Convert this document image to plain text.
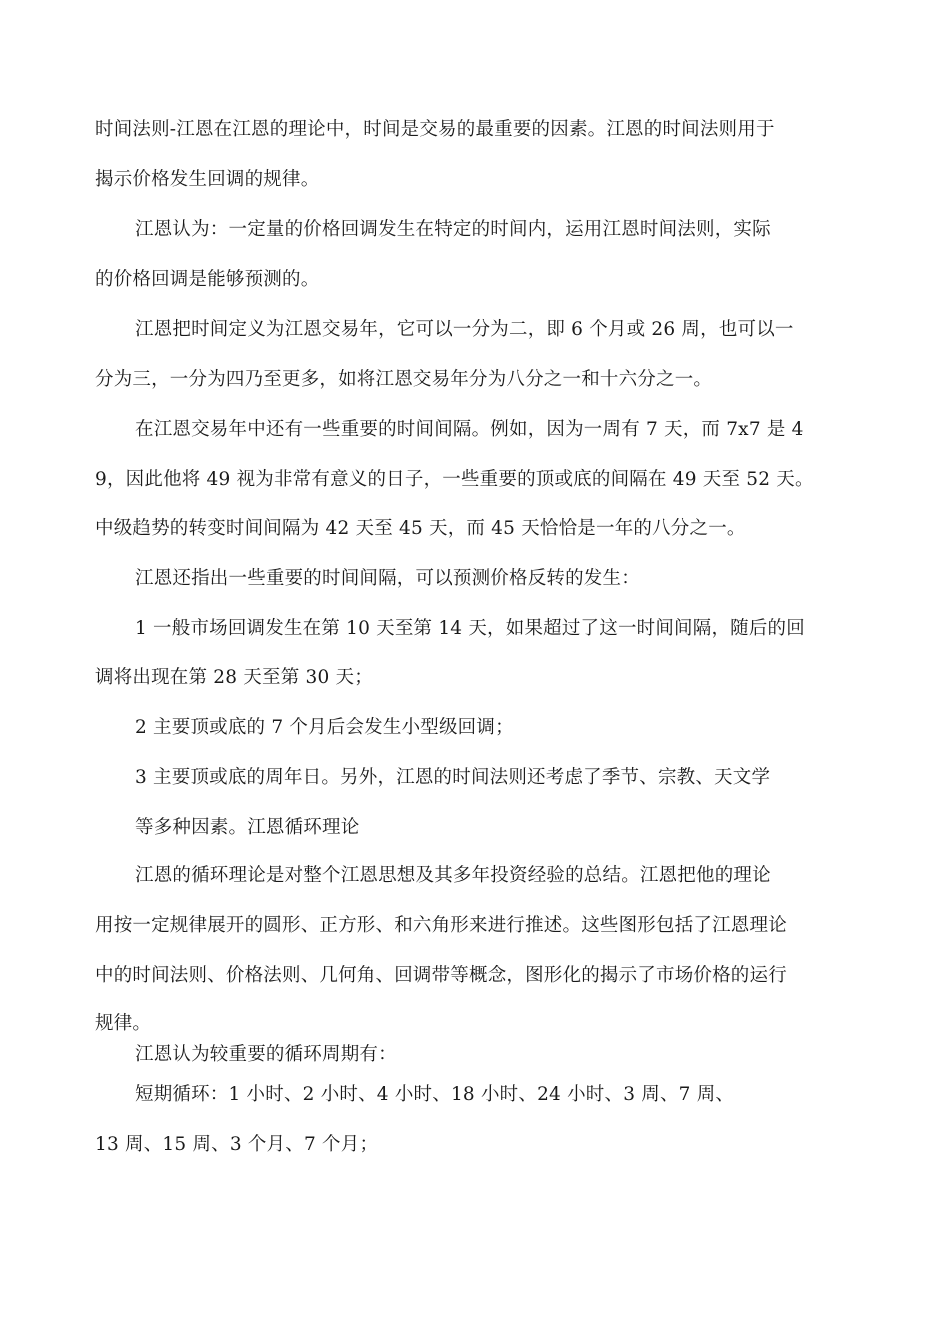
时间法则-江恩在江恩的理论中，时间是交易的最重要的因素。江恩的时间法则用于
揭示价格发生回调的规律。
江恩认为：一定量的价格回调发生在特定的时间内，运用江恩时间法则，实际
的价格回调是能够预测的。
江恩把时间定义为江恩交易年，它可以一分为二，即 6 个月或 26 周，也可以一
分为三，一分为四乃至更多，如将江恩交易年分为八分之一和十六分之一。
在江恩交易年中还有一些重要的时间间隔。例如，因为一周有 7 天，而 7x7 是 4
9，因此他将 49 视为非常有意义的日子，一些重要的顶或底的间隔在 49 天至 52 天。
中级趋势的转变时间间隔为 42 天至 45 天，而 45 天恰恰是一年的八分之一。
江恩还指出一些重要的时间间隔，可以预测价格反转的发生：
1 一般市场回调发生在第 10 天至第 14 天，如果超过了这一时间间隔，随后的回
调将出现在第 28 天至第 30 天；
2 主要顶或底的 7 个月后会发生小型级回调；
3 主要顶或底的周年日。另外，江恩的时间法则还考虑了季节、宗教、天文学
等多种因素。江恩循环理论
江恩的循环理论是对整个江恩思想及其多年投资经验的总结。江恩把他的理论
用按一定规律展开的圆形、正方形、和六角形来进行推述。这些图形包括了江恩理论
中的时间法则、价格法则、几何角、回调带等概念，图形化的揭示了市场价格的运行
规律。
江恩认为较重要的循环周期有：
短期循环：1 小时、2 小时、4 小时、18 小时、24 小时、3 周、7 周、
13 周、15 周、3 个月、7 个月；
